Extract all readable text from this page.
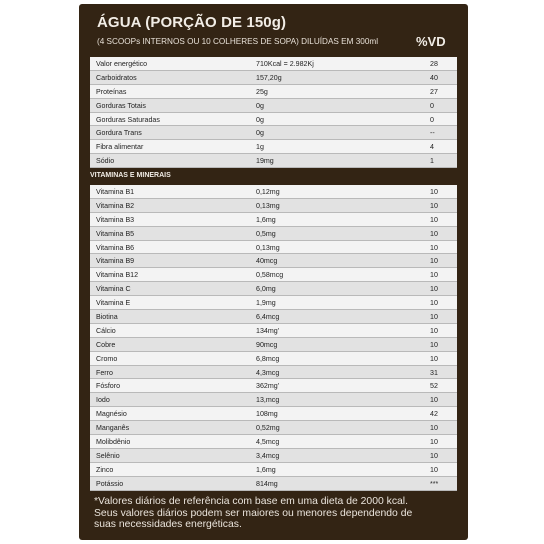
ÁGUA (PORÇÃO DE 150g)
(4 SCOOPs INTERNOS OU 10 COLHERES DE SOPA) DILUÍDAS EM 300ml	%VD
Valor energético	710Kcal = 2.982Kj	28
Carboidratos	157,20g	40
Proteínas	25g	27
Gorduras Totais	0g	0
Gorduras Saturadas	0g	0
Gordura Trans	0g	--
Fibra alimentar	1g	4
Sódio	19mg	1
VITAMINAS E MINERAIS
Vitamina B1	0,12mg	10
Vitamina B2	0,13mg	10
Vitamina B3	1,6mg	10
Vitamina B5	0,5mg	10
Vitamina B6	0,13mg	10
Vitamina B9	40mcg	10
Vitamina B12	0,58mcg	10
Vitamina C	6,0mg	10
Vitamina E	1,9mg	10
Biotina	6,4mcg	10
Cálcio	134mg'	10
Cobre	90mcg	10
Cromo	6,8mcg	10
Ferro	4,3mcg	31
Fósforo	362mg'	52
Iodo	13,mcg	10
Magnésio	108mg	42
Manganês	0,52mg	10
Molibdênio	4,5mcg	10
Selênio	3,4mcg	10
Zinco	1,6mg	10
Potássio	814mg	***
*Valores diários de referência com base em uma dieta de 2000 kcal.
Seus valores diários podem ser maiores ou menores dependendo de
suas necessidades energéticas.
